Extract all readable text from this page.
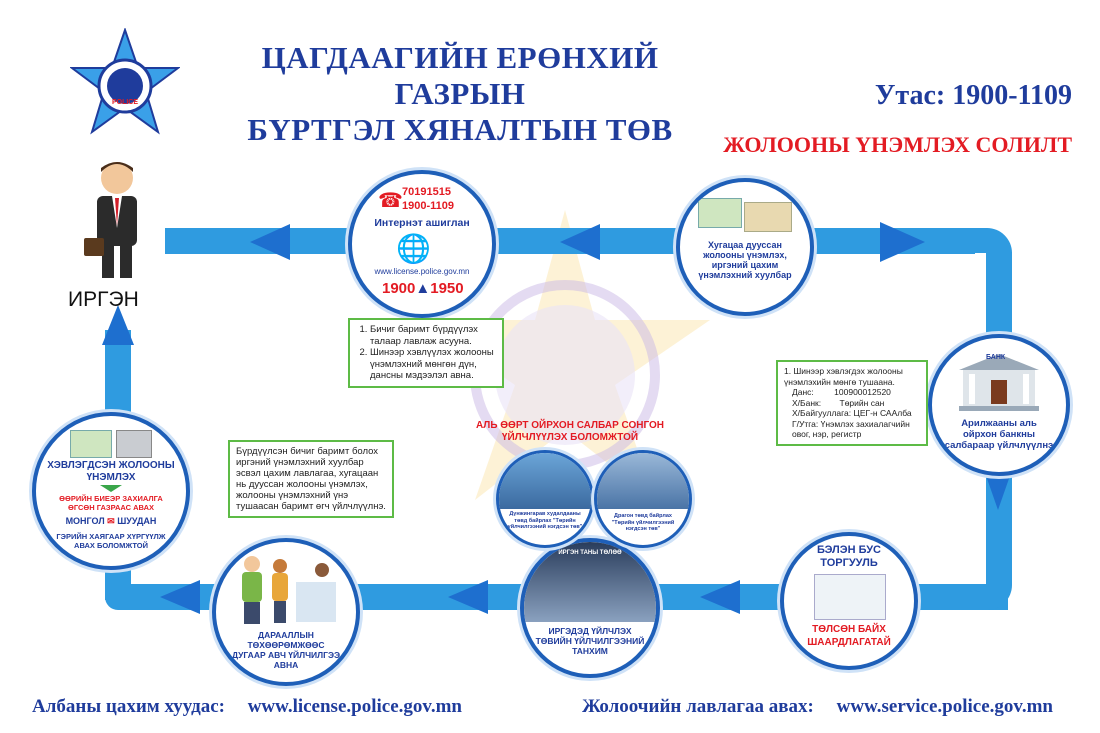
POLICE
ЦАГДААГИЙН ЕРӨНХИЙ ГАЗРЫН
БҮРТГЭЛ ХЯНАЛТЫН ТӨВ
Утас: 1900-1109
ЖОЛООНЫ ҮНЭМЛЭХ СОЛИЛТ
ИРГЭН
☎ 70191515
1900-1109
Интернэт ашиглан
🌐
www.license.police.gov.mn
1900▲1950
1. Бичиг баримт бүрдүүлэх талаар лавлаж асууна.
2. Шинээр хэвлүүлэх жолооны үнэмлэхний мөнгөн дүн, дансны мэдээлэл авна.
Хугацаа дууссан жолооны үнэмлэх, иргэний цахим үнэмлэхний хуулбар
БАНК
Арилжааны аль ойрхон банкны салбараар үйлчлүүлнэ
1. Шинээр хэвлэгдэх жолооны үнэмлэхийн мөнгө тушаана.
Данс: 100900012520
Х/Банк: Төрийн сан
Х/Байгууллага: ЦЕГ-н СААлба
Г/Утга: Үнэмлэх захиалагчийн овог, нэр, регистр
БЭЛЭН БУС
ТОРГУУЛЬ
ТӨЛСӨН БАЙХ
ШААРДЛАГАТАЙ
ИРГЭН ТАНЫ ТӨЛӨӨ
ИРГЭДЭД ҮЙЛЧЛЭХ ТӨВИЙН ҮЙЛЧИЛГЭЭНИЙ ТАНХИМ
АЛЬ ӨӨРТ ОЙРХОН САЛБАР СОНГОН
ҮЙЛЧЛҮҮЛЭХ БОЛОМЖТОЙ
Дүнжингарав худалдааны төвд байрлах "Төрийн үйлчилгээний нэгдсэн төв"
Драгон төвд байрлах "Төрийн үйлчилгээний нэгдсэн төв"
ДАРААЛЛЫН ТӨХӨӨРӨМЖӨӨС ДУГААР АВЧ ҮЙЛЧИЛГЭЭ АВНА
Бүрдүүлсэн бичиг баримт болох иргэний үнэмлэхний хуулбар эсвэл цахим лавлагаа, хугацаан нь дууссан жолооны үнэмлэх, жолооны үнэмлэхний үнэ тушаасан баримт өгч үйлчлүүлнэ.
ХЭВЛЭГДСЭН ЖОЛООНЫ
ҮНЭМЛЭХ
ӨӨРИЙН БИЕЭР ЗАХИАЛГА ӨГСӨН ГАЗРААС АВАХ
МОНГОЛ ✉ ШУУДАН
ГЭРИЙН ХАЯГААР ХҮРГҮҮЛЖ АВАХ БОЛОМЖТОЙ
Албаны цахим хуудас: www.license.police.gov.mn	Жолоочийн лавлагаа авах: www.service.police.gov.mn
